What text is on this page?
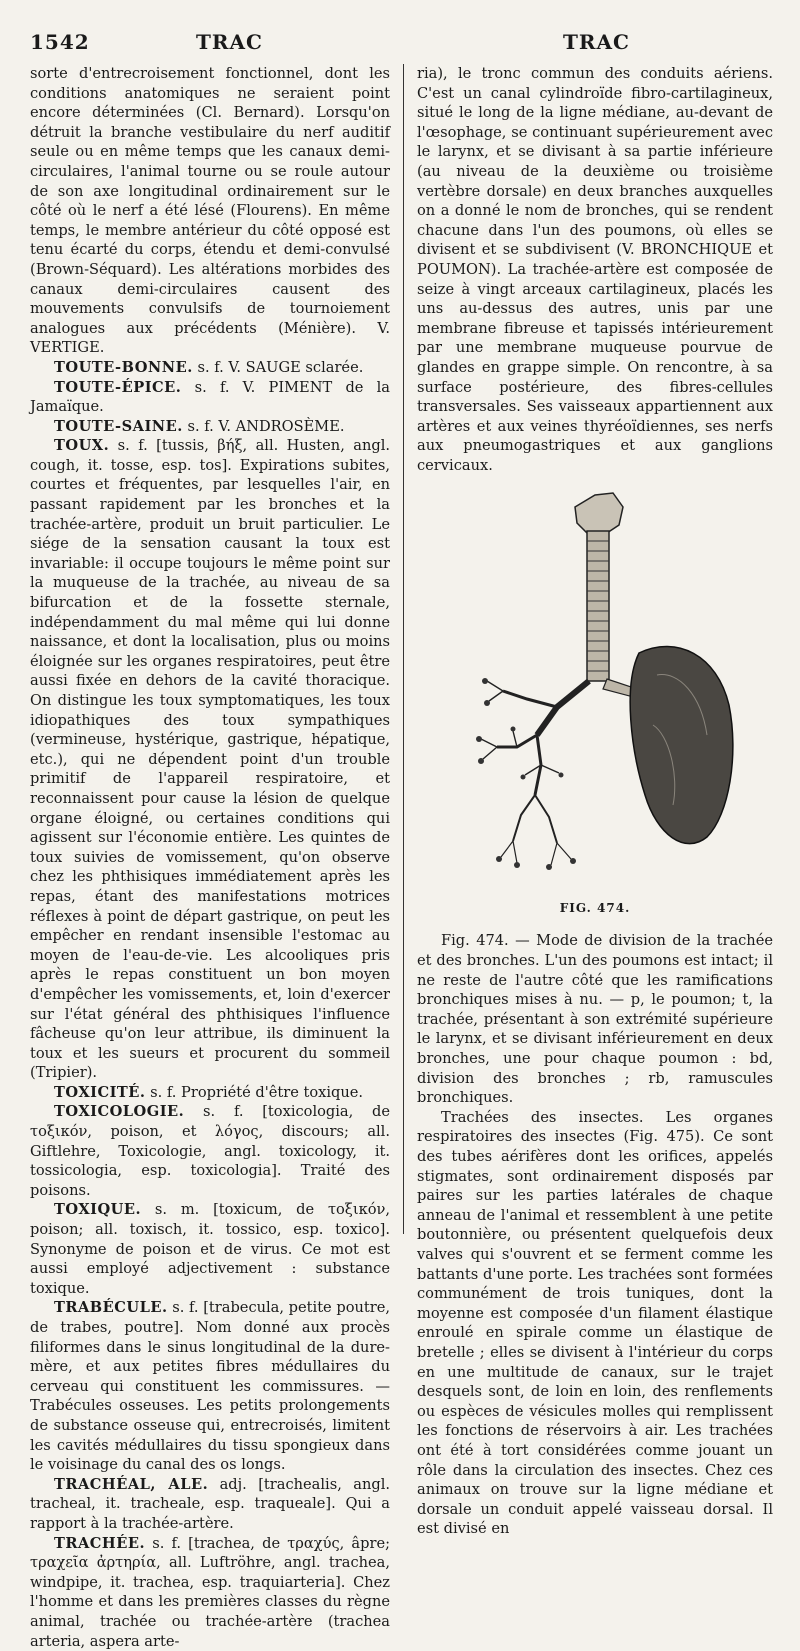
1542	TRAC	TRAC

sorte d'entrecroisement fonctionnel, dont les conditions anatomiques ne seraient point encore déterminées (Cl. Bernard). Lorsqu'on détruit la branche vestibulaire du nerf auditif seule ou en même temps que les canaux demi-circulaires, l'animal tourne ou se roule autour de son axe longitudinal ordinairement sur le côté où le nerf a été lésé (Flourens). En même temps, le membre antérieur du côté opposé est tenu écarté du corps, étendu et demi-convulsé (Brown-Séquard). Les altérations morbides des canaux demi-circulaires causent des mouvements convulsifs de tournoiement analogues aux précédents (Ménière). V. VERTIGE.

TOUTE-BONNE. s. f. V. SAUGE sclarée.

TOUTE-ÉPICE. s. f. V. PIMENT de la Jamaïque.

TOUTE-SAINE. s. f. V. ANDROSÈME.

TOUX. s. f. [tussis, βήξ, all. Husten, angl. cough, it. tosse, esp. tos]. Expirations subites, courtes et fréquentes, par lesquelles l'air, en passant rapidement par les bronches et la trachée-artère, produit un bruit particulier. Le siége de la sensation causant la toux est invariable: il occupe toujours le même point sur la muqueuse de la trachée, au niveau de sa bifurcation et de la fossette sternale, indépendamment du mal même qui lui donne naissance, et dont la localisation, plus ou moins éloignée sur les organes respiratoires, peut être aussi fixée en dehors de la cavité thoracique. On distingue les toux symptomatiques, les toux idiopathiques des toux sympathiques (vermineuse, hystérique, gastrique, hépatique, etc.), qui ne dépendent point d'un trouble primitif de l'appareil respiratoire, et reconnaissent pour cause la lésion de quelque organe éloigné, ou certaines conditions qui agissent sur l'économie entière. Les quintes de toux suivies de vomissement, qu'on observe chez les phthisiques immédiatement après les repas, étant des manifestations motrices réflexes à point de départ gastrique, on peut les empêcher en rendant insensible l'estomac au moyen de l'eau-de-vie. Les alcooliques pris après le repas constituent un bon moyen d'empêcher les vomissements, et, loin d'exercer sur l'état général des phthisiques l'influence fâcheuse qu'on leur attribue, ils diminuent la toux et les sueurs et procurent du sommeil (Tripier).

TOXICITÉ. s. f. Propriété d'être toxique.

TOXICOLOGIE. s. f. [toxicologia, de τοξικόν, poison, et λόγος, discours; all. Giftlehre, Toxicologie, angl. toxicology, it. tossicologia, esp. toxicologia]. Traité des poisons.

TOXIQUE. s. m. [toxicum, de τοξικόν, poison; all. toxisch, it. tossico, esp. toxico]. Synonyme de poison et de virus. Ce mot est aussi employé adjectivement : substance toxique.

TRABÉCULE. s. f. [trabecula, petite poutre, de trabes, poutre]. Nom donné aux procès filiformes dans le sinus longitudinal de la dure-mère, et aux petites fibres médullaires du cerveau qui constituent les commissures. — Trabécules osseuses. Les petits prolongements de substance osseuse qui, entrecroisés, limitent les cavités médullaires du tissu spongieux dans le voisinage du canal des os longs.

TRACHÉAL, ALE. adj. [trachealis, angl. tracheal, it. tracheale, esp. traqueale]. Qui a rapport à la trachée-artère.

TRACHÉE. s. f. [trachea, de τραχύς, âpre; τραχεῖα ἀρτηρία, all. Luftröhre, angl. trachea, windpipe, it. trachea, esp. traquiarteria]. Chez l'homme et dans les premières classes du règne animal, trachée ou trachée-artère (trachea arteria, aspera arte-

ria), le tronc commun des conduits aériens. C'est un canal cylindroïde fibro-cartilagineux, situé le long de la ligne médiane, au-devant de l'œsophage, se continuant supérieurement avec le larynx, et se divisant à sa partie inférieure (au niveau de la deuxième ou troisième vertèbre dorsale) en deux branches auxquelles on a donné le nom de bronches, qui se rendent chacune dans l'un des poumons, où elles se divisent et se subdivisent (V. BRONCHIQUE et POUMON). La trachée-artère est composée de seize à vingt arceaux cartilagineux, placés les uns au-dessus des autres, unis par une membrane fibreuse et tapissés intérieurement par une membrane muqueuse pourvue de glandes en grappe simple. On rencontre, à sa surface postérieure, des fibres-cellules transversales. Ses vaisseaux appartiennent aux artères et aux veines thyréoïdiennes, ses nerfs aux pneumogastriques et aux ganglions cervicaux.

FIG. 474.

Fig. 474. — Mode de division de la trachée et des bronches. L'un des poumons est intact; il ne reste de l'autre côté que les ramifications bronchiques mises à nu. — p, le poumon; t, la trachée, présentant à son extrémité supérieure le larynx, et se divisant inférieurement en deux bronches, une pour chaque poumon : bd, division des bronches ; rb, ramuscules bronchiques.

Trachées des insectes. Les organes respiratoires des insectes (Fig. 475). Ce sont des tubes aérifères dont les orifices, appelés stigmates, sont ordinairement disposés par paires sur les parties latérales de chaque anneau de l'animal et ressemblent à une petite boutonnière, ou présentent quelquefois deux valves qui s'ouvrent et se ferment comme les battants d'une porte. Les trachées sont formées communément de trois tuniques, dont la moyenne est composée d'un filament élastique enroulé en spirale comme un élastique de bretelle ; elles se divisent à l'intérieur du corps en une multitude de canaux, sur le trajet desquels sont, de loin en loin, des renflements ou espèces de vésicules molles qui remplissent les fonctions de réservoirs à air. Les trachées ont été à tort considérées comme jouant un rôle dans la circulation des insectes. Chez ces animaux on trouve sur la ligne médiane et dorsale un conduit appelé vaisseau dorsal. Il est divisé en
